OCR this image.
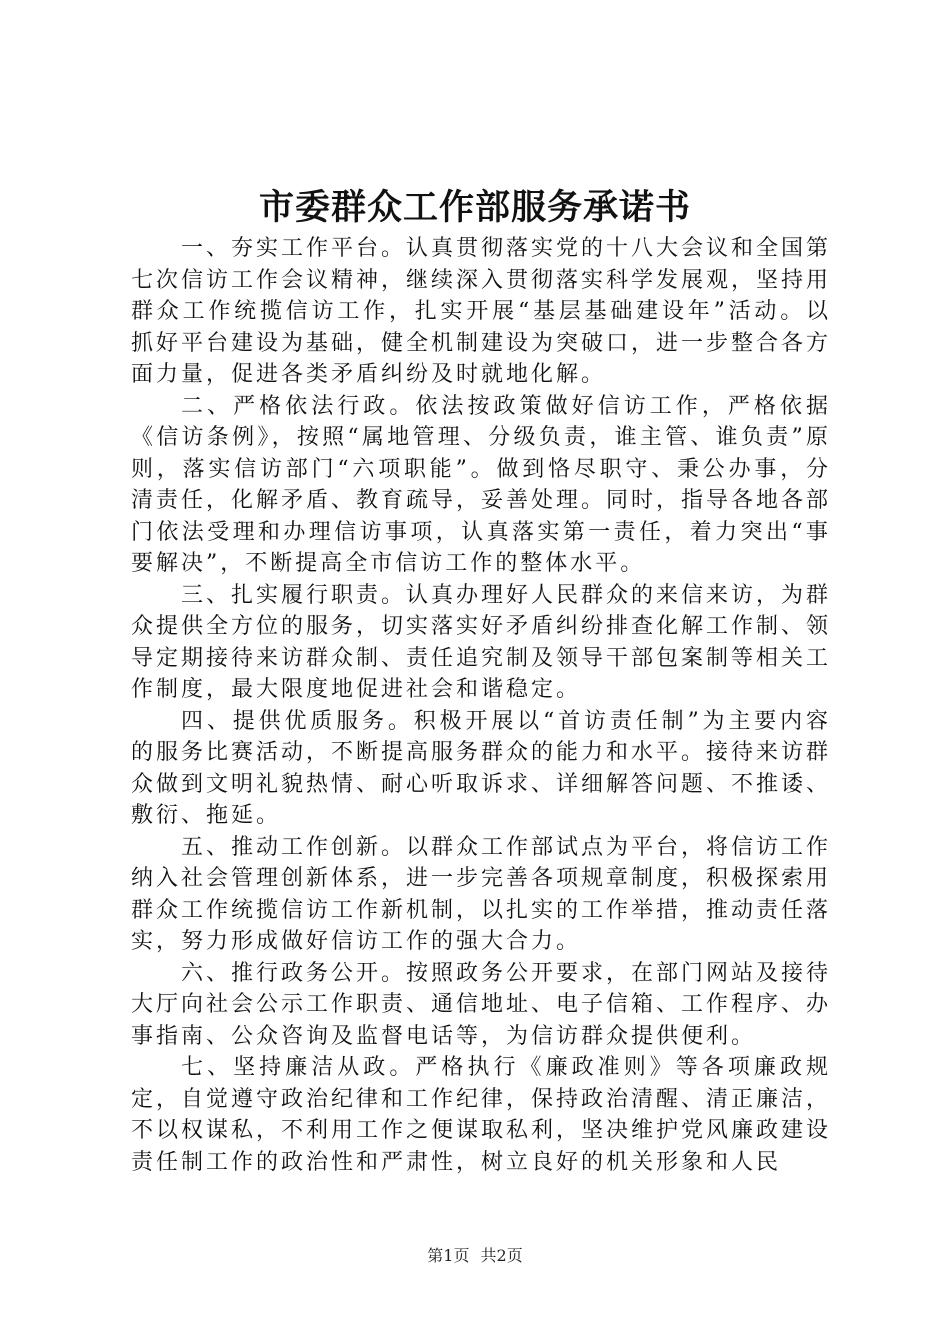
市委群众工作部服务承诺书

一、夯实工作平台。认真贯彻落实党的十八大会议和全国第七次信访工作会议精神，继续深入贯彻落实科学发展观，坚持用群众工作统揽信访工作，扎实开展“基层基础建设年”活动。以抓好平台建设为基础，健全机制建设为突破口，进一步整合各方面力量，促进各类矛盾纠纷及时就地化解。

二、严格依法行政。依法按政策做好信访工作，严格依据《信访条例》，按照“属地管理、分级负责，谁主管、谁负责”原则，落实信访部门“六项职能”。做到恪尽职守、秉公办事，分清责任，化解矛盾、教育疏导，妥善处理。同时，指导各地各部门依法受理和办理信访事项，认真落实第一责任，着力突出“事要解决”，不断提高全市信访工作的整体水平。

三、扎实履行职责。认真办理好人民群众的来信来访，为群众提供全方位的服务，切实落实好矛盾纠纷排查化解工作制、领导定期接待来访群众制、责任追究制及领导干部包案制等相关工作制度，最大限度地促进社会和谐稳定。

四、提供优质服务。积极开展以“首访责任制”为主要内容的服务比赛活动，不断提高服务群众的能力和水平。接待来访群众做到文明礼貌热情、耐心听取诉求、详细解答问题、不推诿、敷衍、拖延。

五、推动工作创新。以群众工作部试点为平台，将信访工作纳入社会管理创新体系，进一步完善各项规章制度，积极探索用群众工作统揽信访工作新机制，以扎实的工作举措，推动责任落实，努力形成做好信访工作的强大合力。

六、推行政务公开。按照政务公开要求，在部门网站及接待大厅向社会公示工作职责、通信地址、电子信箱、工作程序、办事指南、公众咨询及监督电话等，为信访群众提供便利。

七、坚持廉洁从政。严格执行《廉政准则》等各项廉政规定，自觉遵守政治纪律和工作纪律，保持政治清醒、清正廉洁，不以权谋私，不利用工作之便谋取私利，坚决维护党风廉政建设责任制工作的政治性和严肃性，树立良好的机关形象和人民

第1页 共2页
